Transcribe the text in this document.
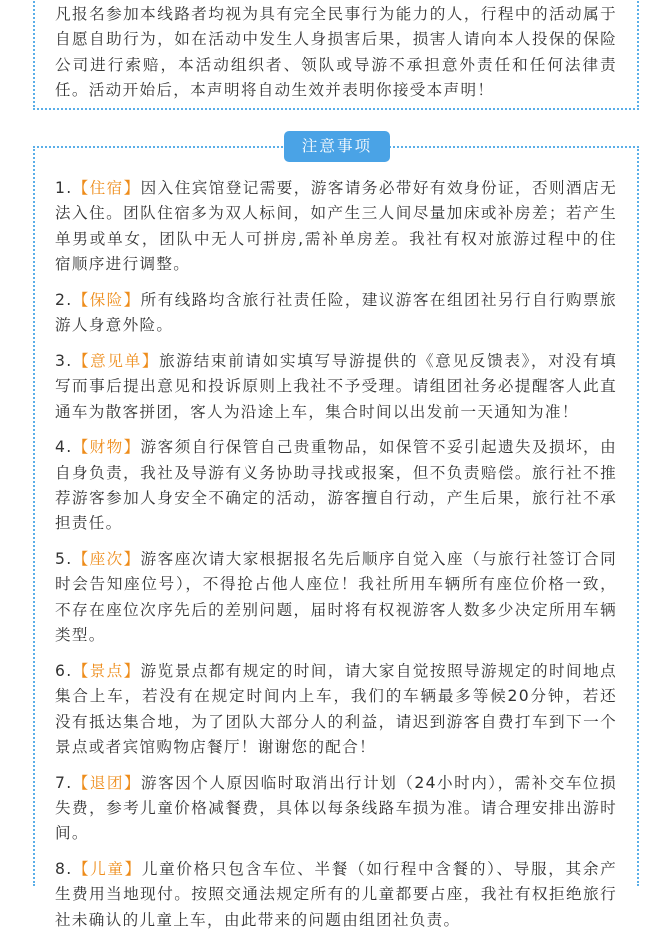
凡报名参加本线路者均视为具有完全民事行为能力的人，行程中的活动属于自愿自助行为，如在活动中发生人身损害后果，损害人请向本人投保的保险公司进行索赔，本活动组织者、领队或导游不承担意外责任和任何法律责任。活动开始后，本声明将自动生效并表明你接受本声明！

注意事项

1.【住宿】因入住宾馆登记需要，游客请务必带好有效身份证，否则酒店无法入住。团队住宿多为双人标间，如产生三人间尽量加床或补房差；若产生单男或单女，团队中无人可拼房,需补单房差。我社有权对旅游过程中的住宿顺序进行调整。

2.【保险】所有线路均含旅行社责任险，建议游客在组团社另行自行购票旅游人身意外险。

3.【意见单】旅游结束前请如实填写导游提供的《意见反馈表》，对没有填写而事后提出意见和投诉原则上我社不予受理。请组团社务必提醒客人此直通车为散客拼团，客人为沿途上车，集合时间以出发前一天通知为准！

4.【财物】游客须自行保管自己贵重物品，如保管不妥引起遗失及损坏，由自身负责，我社及导游有义务协助寻找或报案，但不负责赔偿。旅行社不推荐游客参加人身安全不确定的活动，游客擅自行动，产生后果，旅行社不承担责任。

5.【座次】游客座次请大家根据报名先后顺序自觉入座（与旅行社签订合同时会告知座位号），不得抢占他人座位！我社所用车辆所有座位价格一致，不存在座位次序先后的差别问题，届时将有权视游客人数多少决定所用车辆类型。

6.【景点】游览景点都有规定的时间，请大家自觉按照导游规定的时间地点集合上车，若没有在规定时间内上车，我们的车辆最多等候20分钟，若还没有抵达集合地，为了团队大部分人的利益，请迟到游客自费打车到下一个景点或者宾馆购物店餐厅！谢谢您的配合！

7.【退团】游客因个人原因临时取消出行计划（24小时内），需补交车位损失费，参考儿童价格减餐费，具体以每条线路车损为准。请合理安排出游时间。

8.【儿童】儿童价格只包含车位、半餐（如行程中含餐的）、导服，其余产生费用当地现付。按照交通法规定所有的儿童都要占座，我社有权拒绝旅行社未确认的儿童上车，由此带来的问题由组团社负责。
